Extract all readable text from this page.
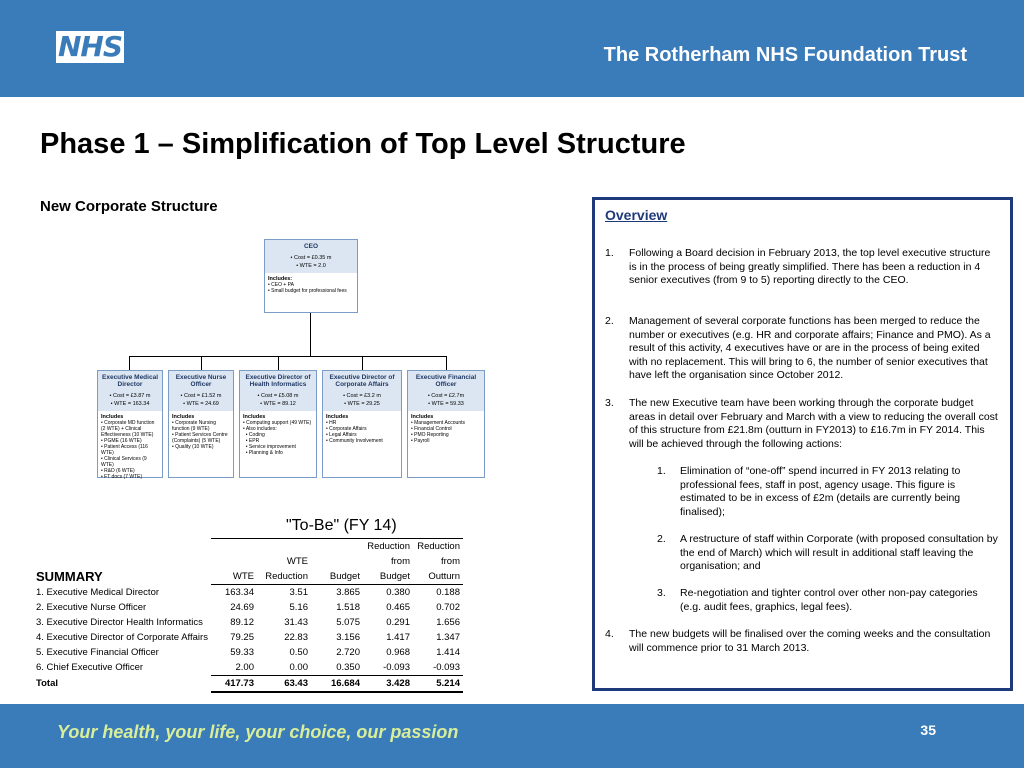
NHS	The Rotherham NHS Foundation Trust
Phase 1 – Simplification of Top Level Structure
New Corporate Structure
CEO
• Cost = £0.35 m
• WTE = 2.0
Includes:
• CEO + PA
• Small budget for professional fees
Executive Medical Director
• Cost = £3.87 m
• WTE = 163.34
Includes
• Corporate MD function (2 WTE) + Clinical Effectiveness (10 WTE)
• PGME (16 WTE)
• Patient Access (116 WTE)
• Clinical Services (9 WTE)
• R&D (6 WTE)
• FT docs (7 WTE)
Executive Nurse Officer
• Cost = £1.52 m
• WTE = 24.69
Includes
• Corporate Nursing function (9 WTE)
• Patient Services Centre (Complaints) (5 WTE)
• Quality (10 WTE)
Executive Director of Health Informatics
• Cost = £5.08 m
• WTE = 89.12
Includes
• Computing support (49 WTE)
• Also includes:
• Coding
• EPR
• Service improvement
• Planning & Info
Executive Director of Corporate Affairs
• Cost = £3.2 m
• WTE = 29.25
Includes
• HR
• Corporate Affairs
• Legal Affairs
• Community Involvement
Executive Financial Officer
• Cost = £2.7m
• WTE = 59.33
Includes
• Management Accounts
• Financial Control
• PMO Reporting
• Payroll
"To-Be" (FY 14)
				Reduction	Reduction
		WTE		from	from
SUMMARY	WTE	Reduction	Budget	Budget	Outturn
1. Executive Medical Director	163.34	3.51	3.865	0.380	0.188
2. Executive Nurse Officer	24.69	5.16	1.518	0.465	0.702
3. Executive Director Health Informatics	89.12	31.43	5.075	0.291	1.656
4. Executive Director of Corporate Affairs	79.25	22.83	3.156	1.417	1.347
5. Executive Financial Officer	59.33	0.50	2.720	0.968	1.414
6. Chief Executive Officer	2.00	0.00	0.350	-0.093	-0.093
Total	417.73	63.43	16.684	3.428	5.214
Overview
1. Following a Board decision in February 2013, the top level executive structure is in the process of being greatly simplified. There has been a reduction in 4 senior executives (from 9 to 5) reporting directly to the CEO.
2. Management of several corporate functions has been merged to reduce the number or executives (e.g. HR and corporate affairs; Finance and PMO). As a result of this activity, 4 executives have or are in the process of being exited with no replacement. This will bring to 6, the number of senior executives that have left the organisation since October 2012.
3. The new Executive team have been working through the corporate budget areas in detail over February and March with a view to reducing the overall cost of this structure from £21.8m (outturn in FY2013) to £16.7m in FY 2014. This will be achieved through the following actions:
1. Elimination of “one-off” spend incurred in FY 2013 relating to professional fees, staff in post, agency usage. This figure is estimated to be in excess of £2m (details are currently being finalised);
2. A restructure of staff within Corporate (with proposed consultation by the end of March) which will result in additional staff leaving the organisation; and
3. Re-negotiation and tighter control over other non-pay categories (e.g. audit fees, graphics, legal fees).
4. The new budgets will be finalised over the coming weeks and the consultation will commence prior to 31 March 2013.
Your health, your life, your choice, our passion	35
